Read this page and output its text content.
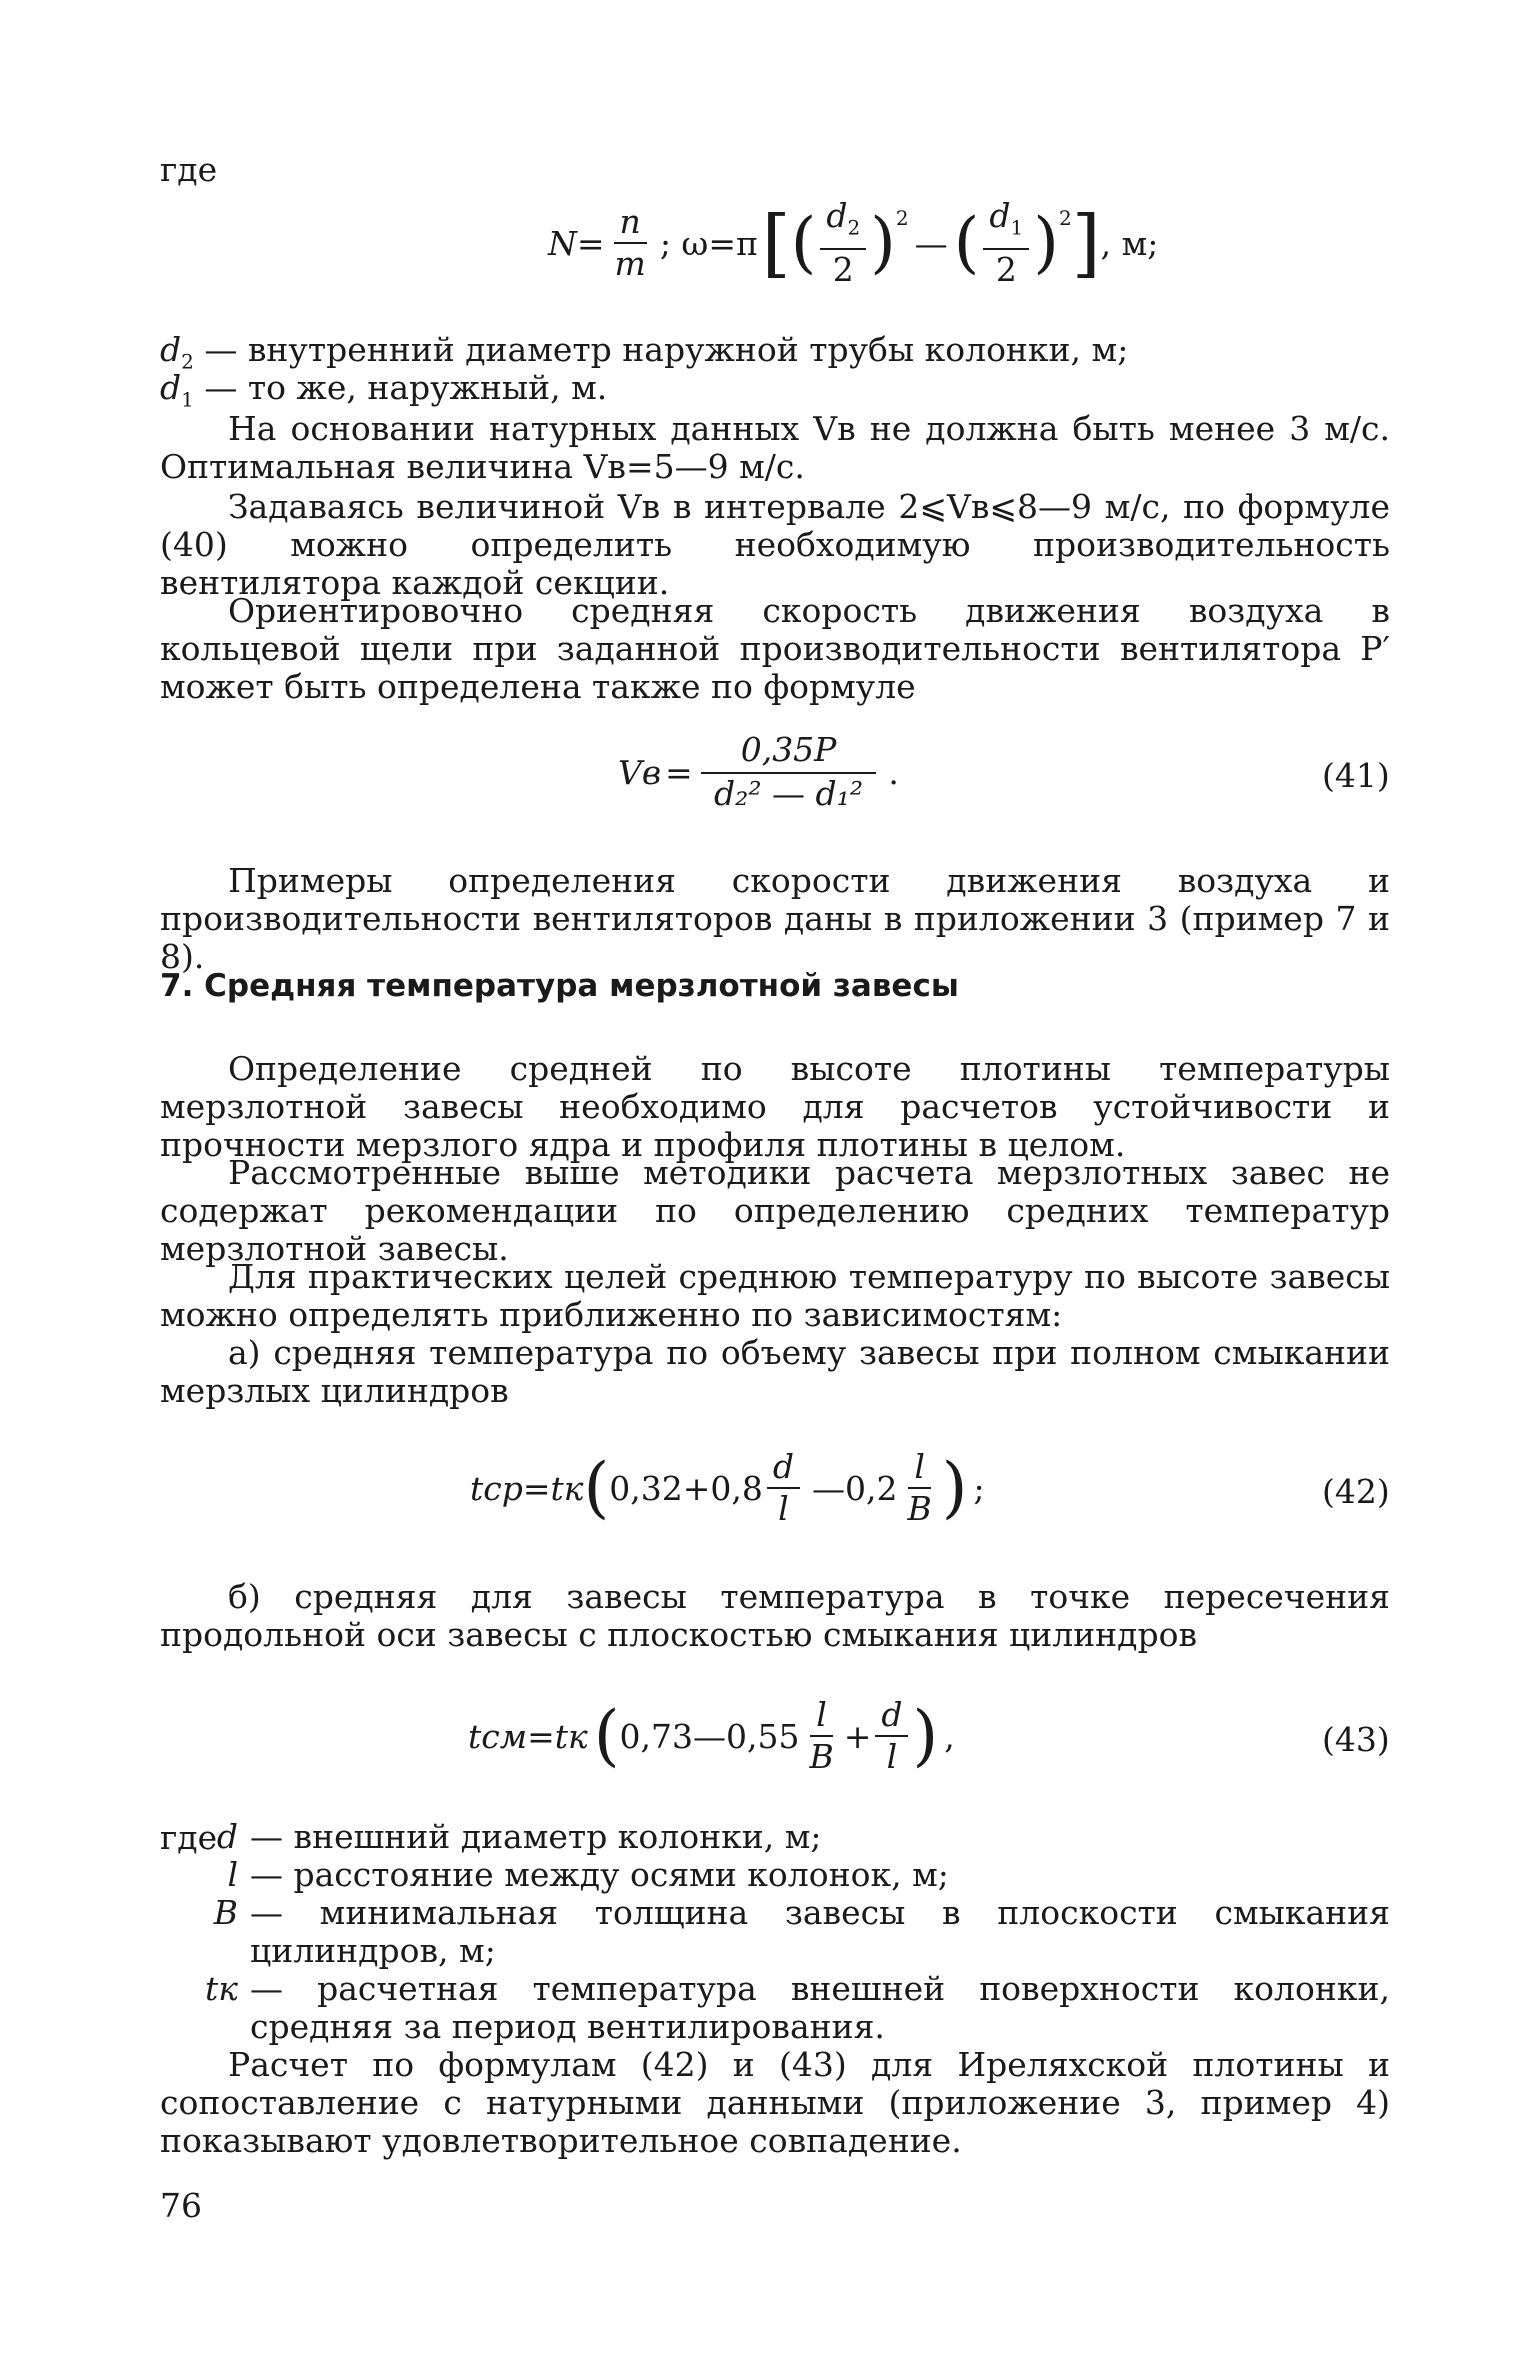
где
$N = \frac{n}{m}$ ; ω=π [ ( $\frac{d_2}{2} )^2$
— ( $\frac{d_1}{2} )^2$ ] , м;
$d_2$ — внутренний диаметр наружной трубы колонки, м;
$d_1$ — то же, наружный, м.
На основании натурных данных Vв не должна быть менее 3 м/с. Оптимальная величина Vв=5—9 м/с.
Задаваясь величиной Vв в интервале 2⩽Vв⩽8—9 м/с, по формуле (40) можно определить необходимую производительность вентилятора каждой секции.
Ориентировочно средняя скорость движения воздуха в кольцевой щели при заданной производительности вентилятора P′ может быть определена также по формуле
Vв = $\frac{0,35P}{\text{d₂² — d₁²}}$ .	(41)
Примеры определения скорости движения воздуха и производительности вентиляторов даны в приложении 3 (пример 7 и 8).
7. Средняя температура мерзлотной завесы
Определение средней по высоте плотины температуры мерзлотной завесы необходимо для расчетов устойчивости и прочности мерзлого ядра и профиля плотины в целом.
Рассмотренные выше методики расчета мерзлотных завес не содержат рекомендации по определению средних температур мерзлотной завесы.
Для практических целей среднюю температуру по высоте завесы можно определять приближенно по зависимостям:
а) средняя температура по объему завесы при полном смыкании мерзлых цилиндров
tср=tк ( $0,32+0,8 \frac{d}{l}$ —0,2 $\frac{l}{B}$ ) ;	(42)
б) средняя для завесы температура в точке пересечения продольной оси завесы с плоскостью смыкания цилиндров
tсм=tк ( 0,73—0,55 $\frac{l}{B} + \frac{d}{l}$ ) ,	(43)
где d — внешний диаметр колонки, м;
l — расстояние между осями колонок, м;
B — минимальная толщина завесы в плоскости смыкания цилиндров, м;
tк — расчетная температура внешней поверхности колонки, средняя за период вентилирования.
Расчет по формулам (42) и (43) для Иреляхской плотины и сопоставление с натурными данными (приложение 3, пример 4) показывают удовлетворительное совпадение.
76
